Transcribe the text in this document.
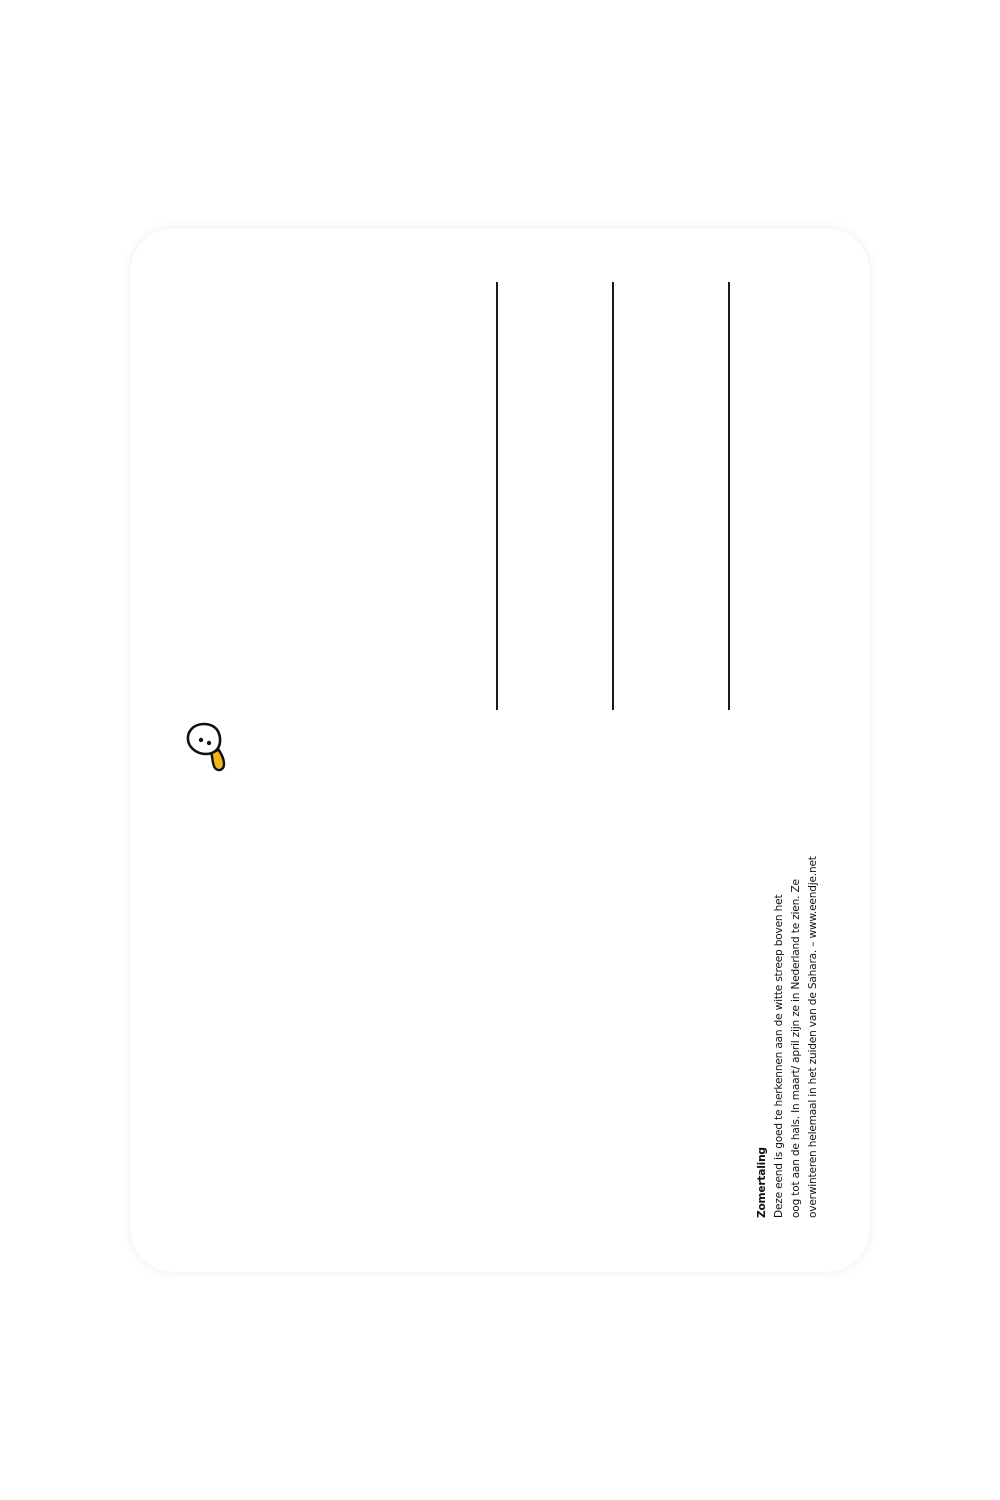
Zomertaling Deze eend is goed te herkennen aan de witte streep boven het oog tot aan de hals. In maart/ april zijn ze in Nederland te zien. Ze overwinteren helemaal in het zuiden van de Sahara. – www.eendje.net
